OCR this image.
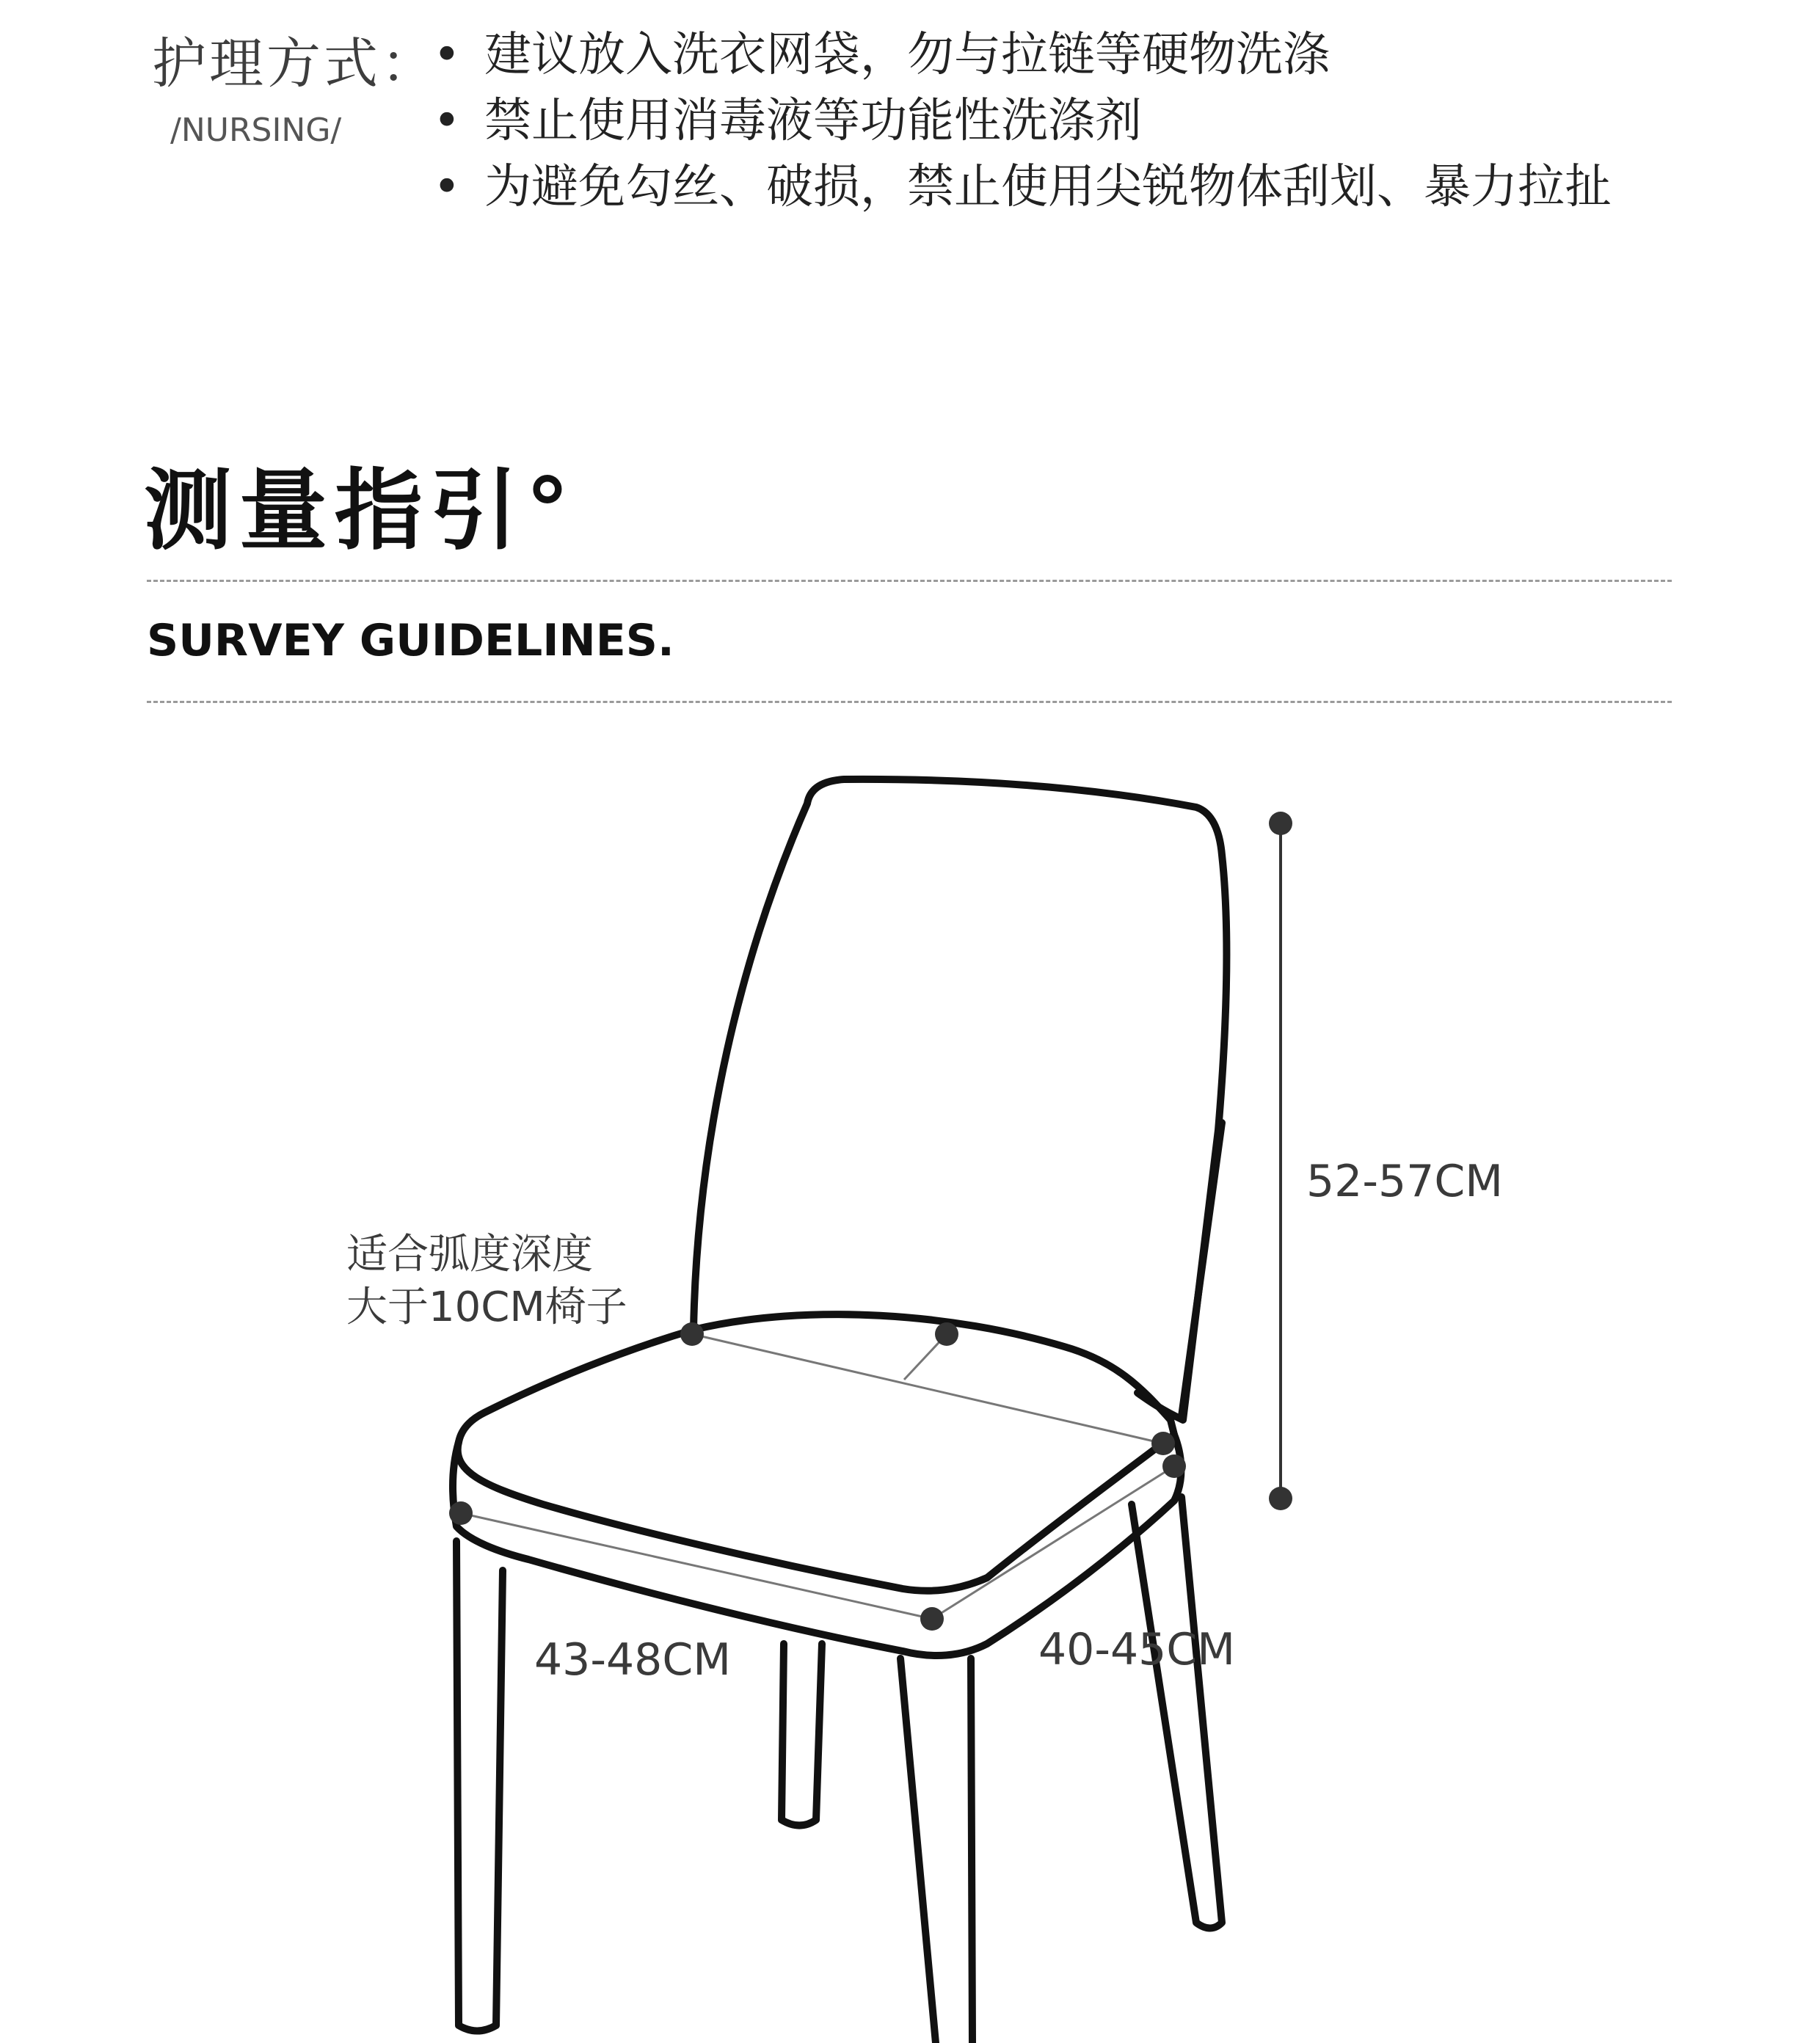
护理方式：
/NURSING/
• 建议放入洗衣网袋，勿与拉链等硬物洗涤
• 禁止使用消毒液等功能性洗涤剂
• 为避免勾丝、破损，禁止使用尖锐物体刮划、暴力拉扯
测量指引°
SURVEY GUIDELINES.
适合弧度深度
大于10CM椅子
52-57CM
43-48CM	40-45CM
